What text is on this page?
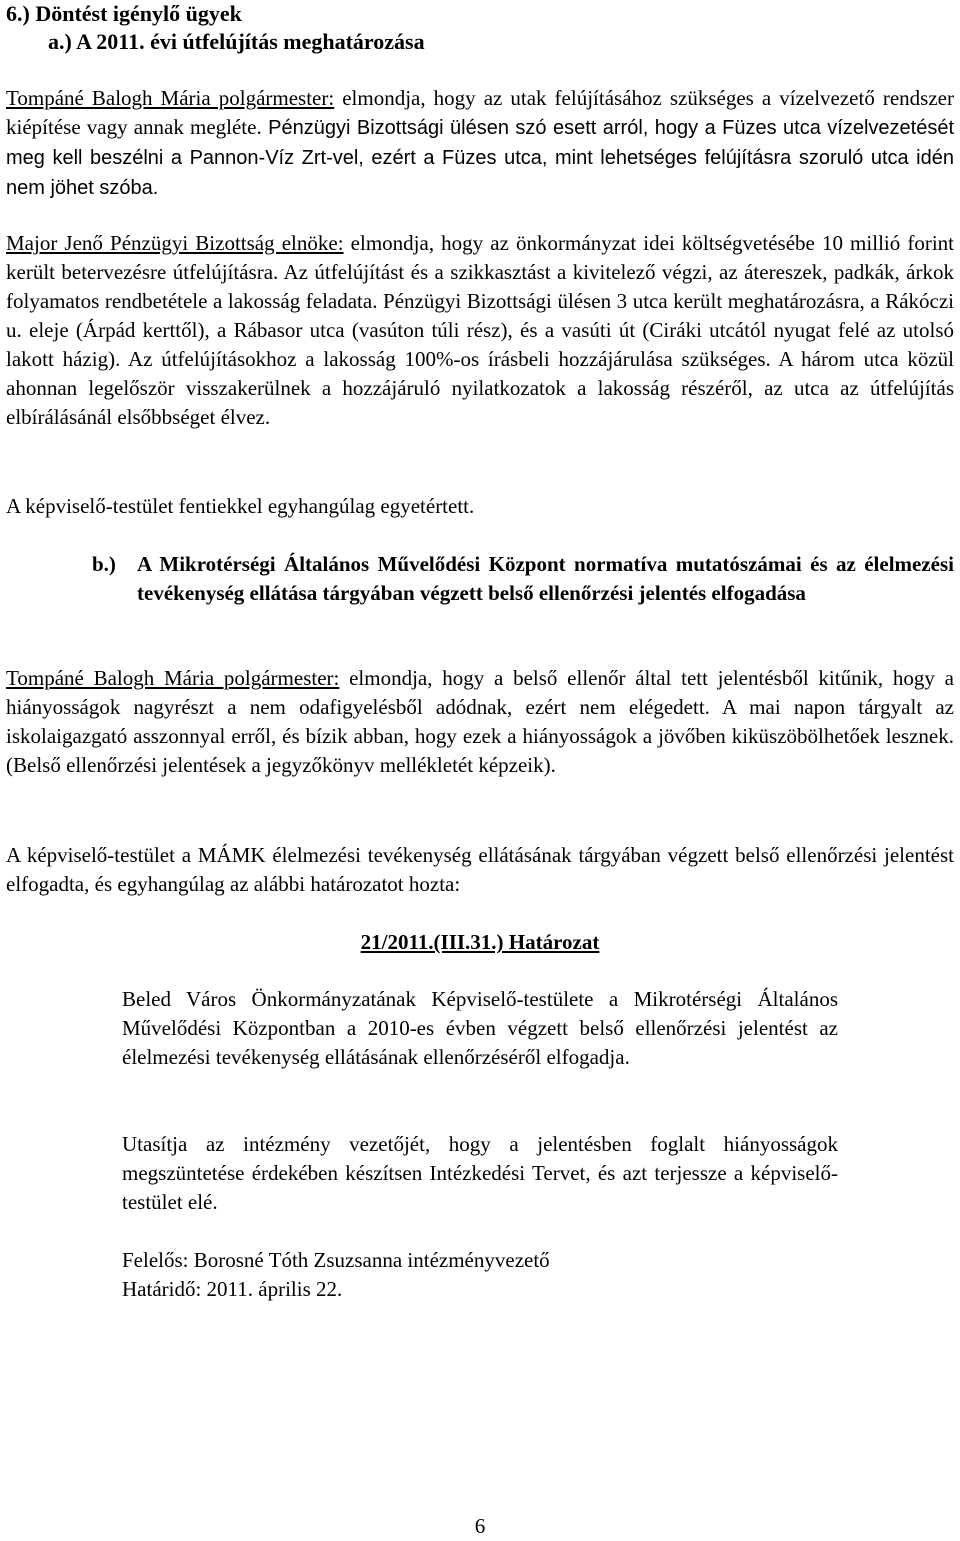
6.) Döntést igénylő ügyek
a.) A 2011. évi útfelújítás meghatározása

Tompáné Balogh Mária polgármester: elmondja, hogy az utak felújításához szükséges a vízelvezető rendszer kiépítése vagy annak megléte. Pénzügyi Bizottsági ülésen szó esett arról, hogy a Füzes utca vízelvezetését meg kell beszélni a Pannon-Víz Zrt-vel, ezért a Füzes utca, mint lehetséges felújításra szoruló utca idén nem jöhet szóba.

Major Jenő Pénzügyi Bizottság elnöke: elmondja, hogy az önkormányzat idei költségvetésébe 10 millió forint került betervezésre útfelújításra. Az útfelújítást és a szikkasztást a kivitelező végzi, az átereszek, padkák, árkok folyamatos rendbetétele a lakosság feladata. Pénzügyi Bizottsági ülésen 3 utca került meghatározásra, a Rákóczi u. eleje (Árpád kerttől), a Rábasor utca (vasúton túli rész), és a vasúti út (Ciráki utcától nyugat felé az utolsó lakott házig). Az útfelújításokhoz a lakosság 100%-os írásbeli hozzájárulása szükséges. A három utca közül ahonnan legelőször visszakerülnek a hozzájáruló nyilatkozatok a lakosság részéről, az utca az útfelújítás elbírálásánál elsőbbséget élvez.

A képviselő-testület fentiekkel egyhangúlag egyetértett.

b.) A Mikrotérségi Általános Művelődési Központ normatíva mutatószámai és az élelmezési tevékenység ellátása tárgyában végzett belső ellenőrzési jelentés elfogadása

Tompáné Balogh Mária polgármester: elmondja, hogy a belső ellenőr által tett jelentésből kitűnik, hogy a hiányosságok nagyrészt a nem odafigyelésből adódnak, ezért nem elégedett. A mai napon tárgyalt az iskolaigazgató asszonnyal erről, és bízik abban, hogy ezek a hiányosságok a jövőben kiküszöbölhetőek lesznek. (Belső ellenőrzési jelentések a jegyzőkönyv mellékletét képzeik).

A képviselő-testület a MÁMK élelmezési tevékenység ellátásának tárgyában végzett belső ellenőrzési jelentést elfogadta, és egyhangúlag az alábbi határozatot hozta:

21/2011.(III.31.) Határozat

Beled Város Önkormányzatának Képviselő-testülete a Mikrotérségi Általános Művelődési Központban a 2010-es évben végzett belső ellenőrzési jelentést az élelmezési tevékenység ellátásának ellenőrzéséről elfogadja.

Utasítja az intézmény vezetőjét, hogy a jelentésben foglalt hiányosságok megszüntetése érdekében készítsen Intézkedési Tervet, és azt terjessze a képviselő-testület elé.

Felelős: Borosné Tóth Zsuzsanna intézményvezető

Határidő: 2011. április 22.

6
